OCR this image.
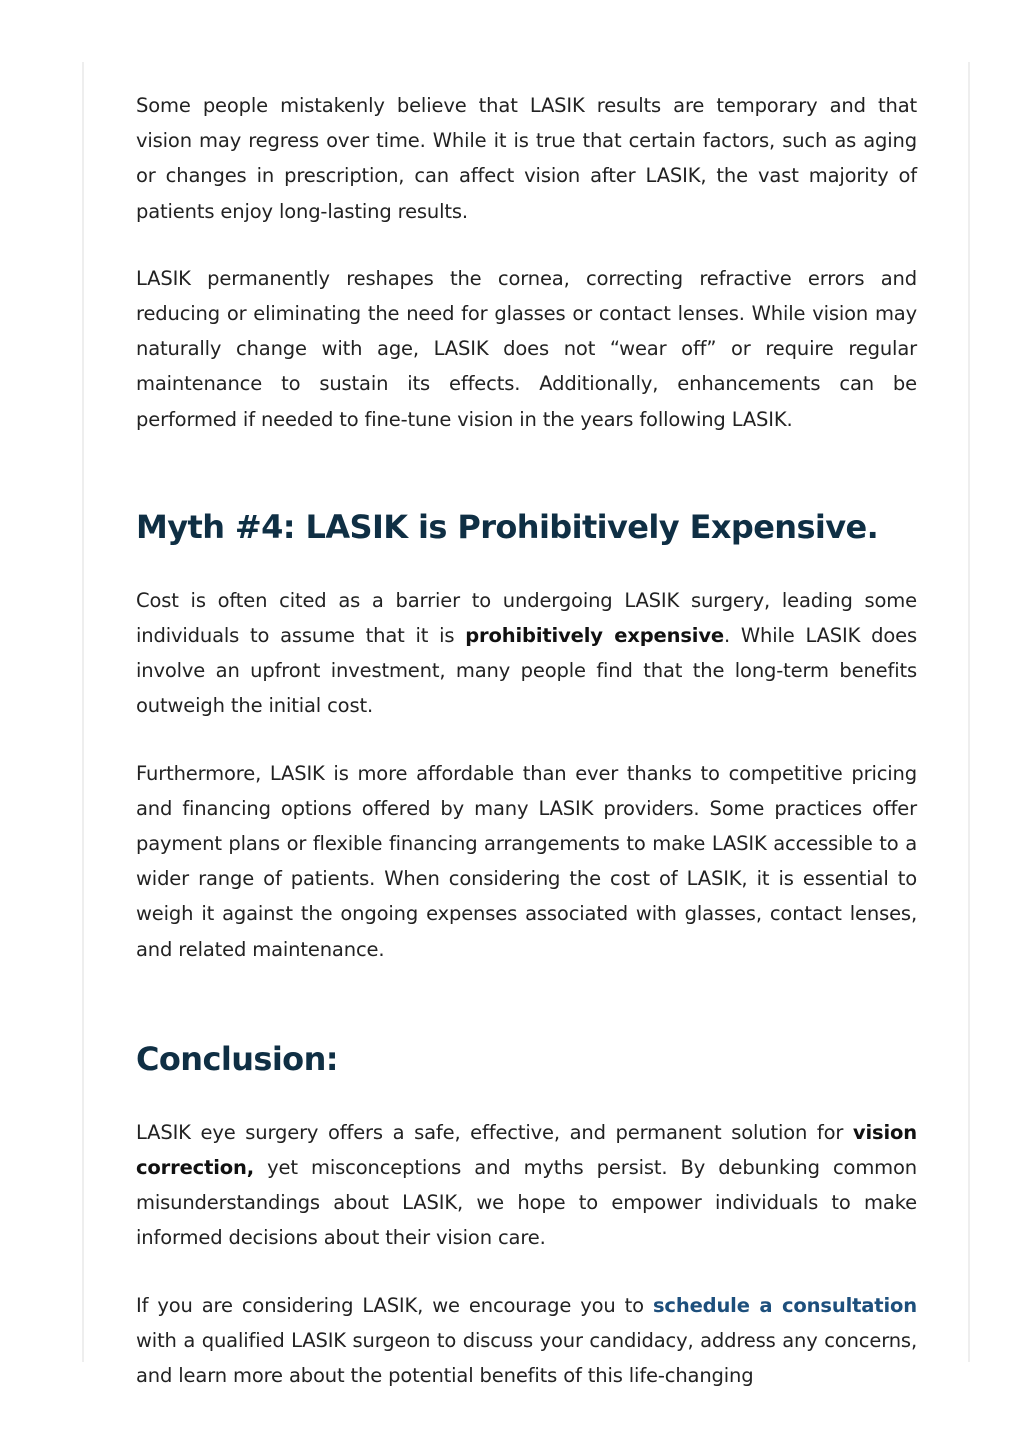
Some people mistakenly believe that LASIK results are temporary and that vision may regress over time. While it is true that certain factors, such as aging or changes in prescription, can affect vision after LASIK, the vast majority of patients enjoy long-lasting results.

LASIK permanently reshapes the cornea, correcting refractive errors and reducing or eliminating the need for glasses or contact lenses. While vision may naturally change with age, LASIK does not “wear off” or require regular maintenance to sustain its effects. Additionally, enhancements can be performed if needed to fine-tune vision in the years following LASIK.

Myth #4: LASIK is Prohibitively Expensive.

Cost is often cited as a barrier to undergoing LASIK surgery, leading some individuals to assume that it is prohibitively expensive. While LASIK does involve an upfront investment, many people find that the long-term benefits outweigh the initial cost.

Furthermore, LASIK is more affordable than ever thanks to competitive pricing and financing options offered by many LASIK providers. Some practices offer payment plans or flexible financing arrangements to make LASIK accessible to a wider range of patients. When considering the cost of LASIK, it is essential to weigh it against the ongoing expenses associated with glasses, contact lenses, and related maintenance.

Conclusion:

LASIK eye surgery offers a safe, effective, and permanent solution for vision correction, yet misconceptions and myths persist. By debunking common misunderstandings about LASIK, we hope to empower individuals to make informed decisions about their vision care.

If you are considering LASIK, we encourage you to schedule a consultation with a qualified LASIK surgeon to discuss your candidacy, address any concerns, and learn more about the potential benefits of this life-changing
